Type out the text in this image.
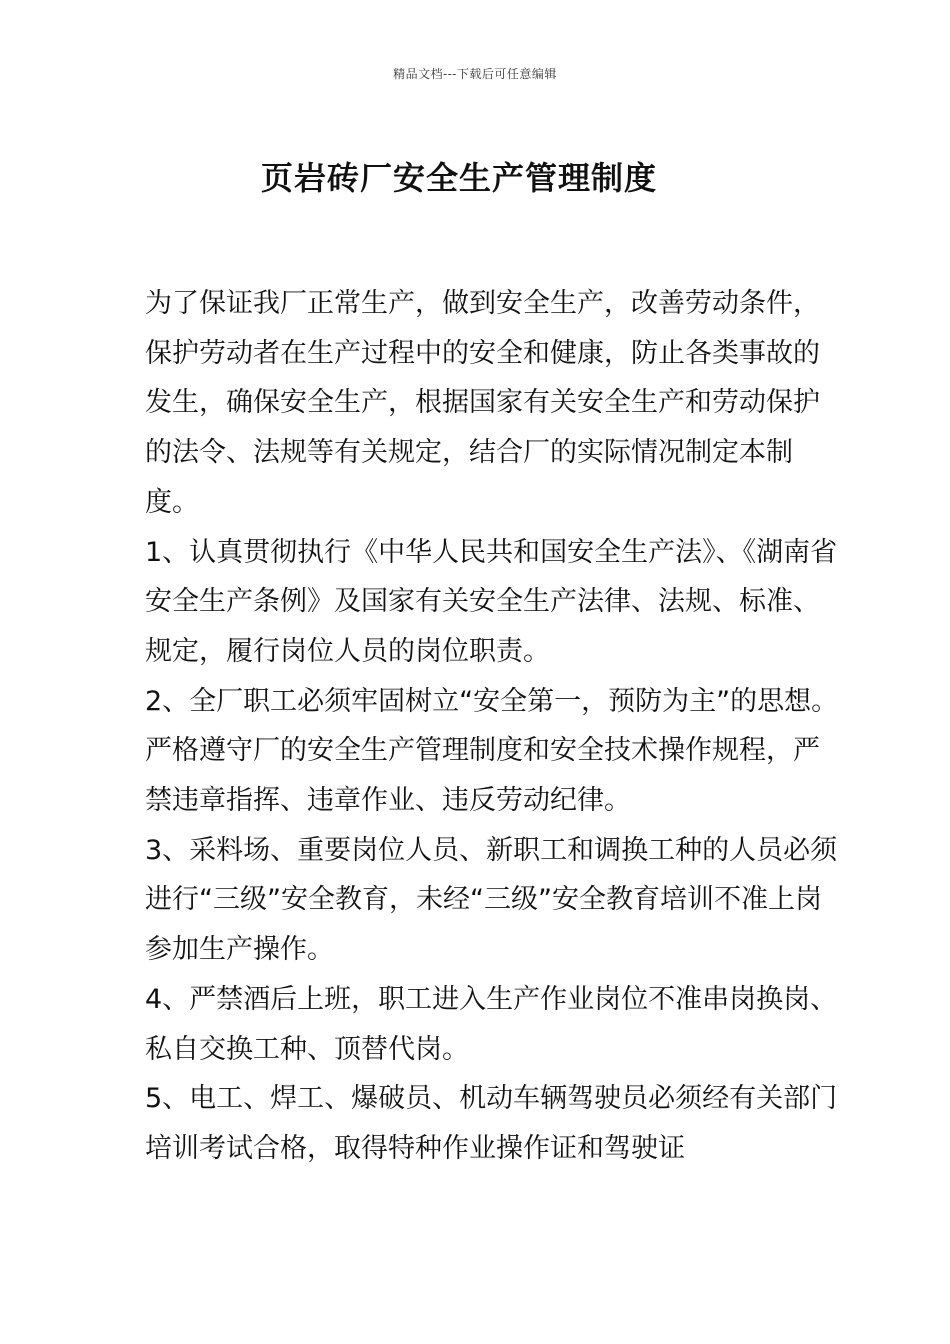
精品文档---下载后可任意编辑
页岩砖厂安全生产管理制度

为了保证我厂正常生产，做到安全生产，改善劳动条件，保护劳动者在生产过程中的安全和健康，防止各类事故的发生，确保安全生产，根据国家有关安全生产和劳动保护的法令、法规等有关规定，结合厂的实际情况制定本制度。

1、认真贯彻执行《中华人民共和国安全生产法》、《湖南省安全生产条例》及国家有关安全生产法律、法规、标准、规定，履行岗位人员的岗位职责。

2、全厂职工必须牢固树立“安全第一，预防为主”的思想。严格遵守厂的安全生产管理制度和安全技术操作规程，严禁违章指挥、违章作业、违反劳动纪律。

3、采料场、重要岗位人员、新职工和调换工种的人员必须进行“三级”安全教育，未经“三级”安全教育培训不准上岗参加生产操作。

4、严禁酒后上班，职工进入生产作业岗位不准串岗换岗、私自交换工种、顶替代岗。

5、电工、焊工、爆破员、机动车辆驾驶员必须经有关部门培训考试合格，取得特种作业操作证和驾驶证
